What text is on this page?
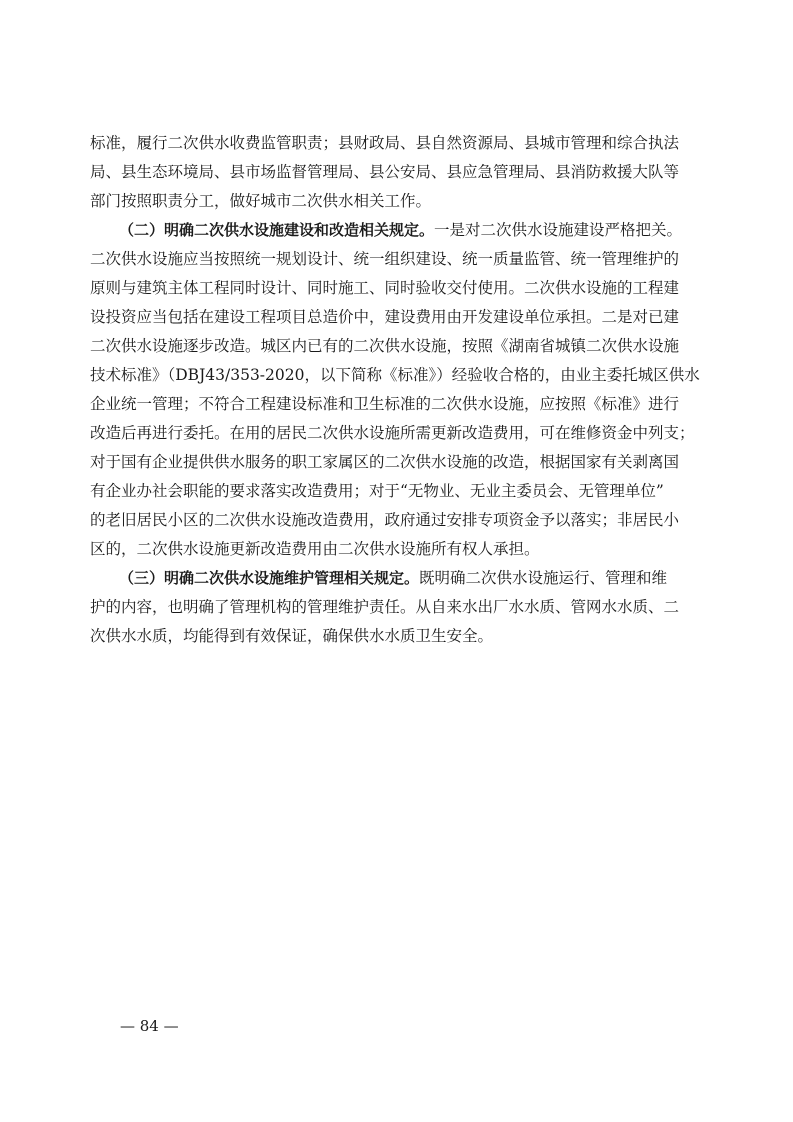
标准，履行二次供水收费监管职责；县财政局、县自然资源局、县城市管理和综合执法
局、县生态环境局、县市场监督管理局、县公安局、县应急管理局、县消防救援大队等
部门按照职责分工，做好城市二次供水相关工作。
（二）明确二次供水设施建设和改造相关规定。一是对二次供水设施建设严格把关。
二次供水设施应当按照统一规划设计、统一组织建设、统一质量监管、统一管理维护的
原则与建筑主体工程同时设计、同时施工、同时验收交付使用。二次供水设施的工程建
设投资应当包括在建设工程项目总造价中，建设费用由开发建设单位承担。二是对已建
二次供水设施逐步改造。城区内已有的二次供水设施，按照《湖南省城镇二次供水设施
技术标准》（DBJ43/353-2020，以下简称《标准》）经验收合格的，由业主委托城区供水
企业统一管理；不符合工程建设标准和卫生标准的二次供水设施，应按照《标准》进行
改造后再进行委托。在用的居民二次供水设施所需更新改造费用，可在维修资金中列支；
对于国有企业提供供水服务的职工家属区的二次供水设施的改造，根据国家有关剥离国
有企业办社会职能的要求落实改造费用；对于“无物业、无业主委员会、无管理单位”
的老旧居民小区的二次供水设施改造费用，政府通过安排专项资金予以落实；非居民小
区的，二次供水设施更新改造费用由二次供水设施所有权人承担。
（三）明确二次供水设施维护管理相关规定。既明确二次供水设施运行、管理和维
护的内容，也明确了管理机构的管理维护责任。从自来水出厂水水质、管网水水质、二
次供水水质，均能得到有效保证，确保供水水质卫生安全。
— 84 —
